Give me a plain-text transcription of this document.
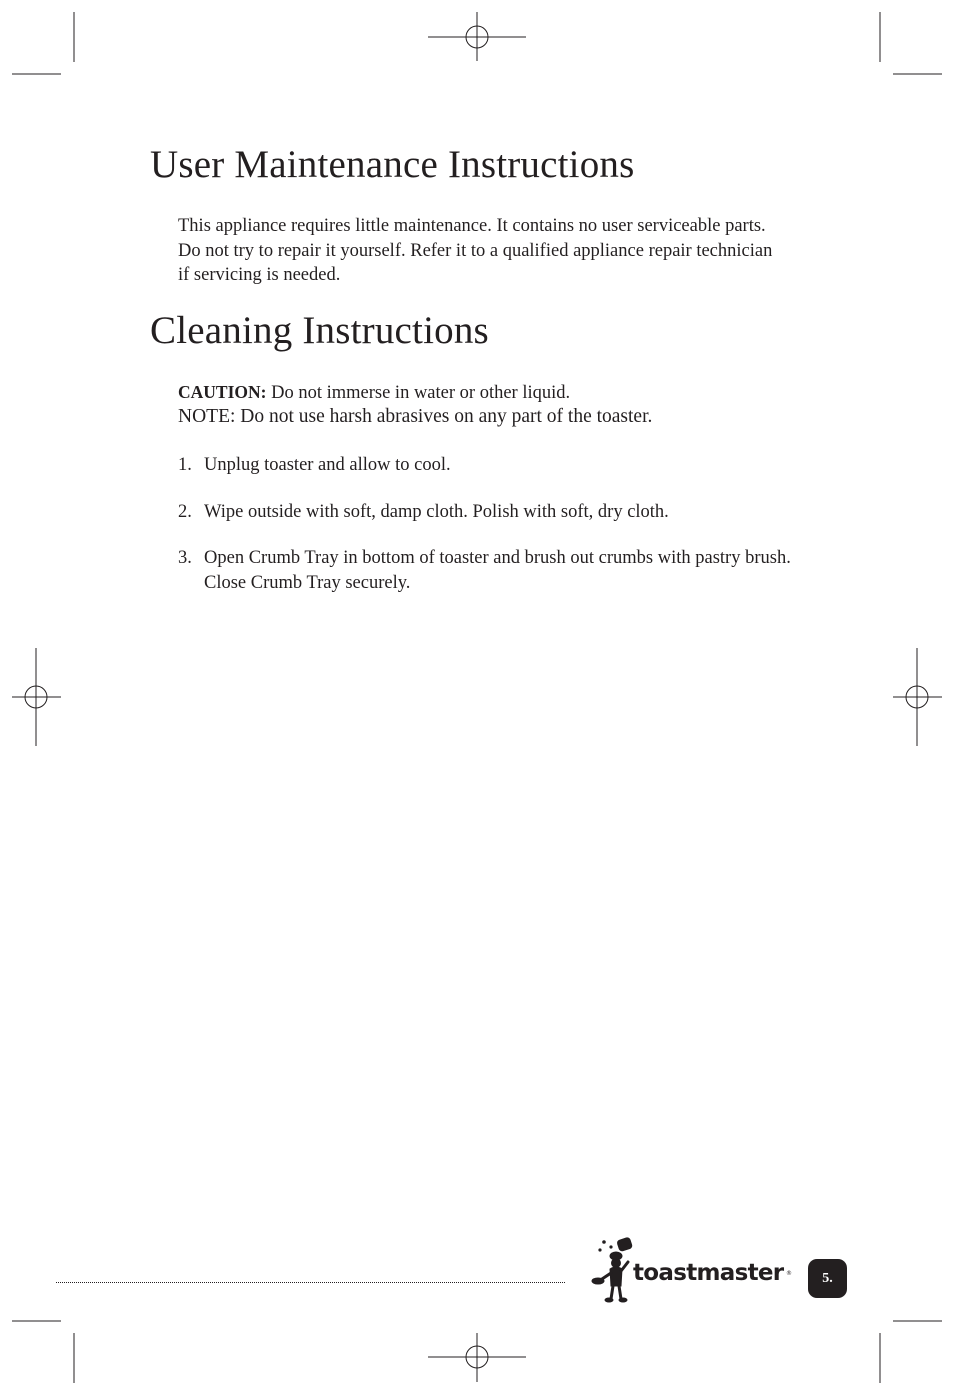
User Maintenance Instructions

This appliance requires little maintenance. It contains no user serviceable parts. Do not try to repair it yourself. Refer it to a qualified appliance repair technician if servicing is needed.

Cleaning Instructions

CAUTION: Do not immerse in water or other liquid.

NOTE: Do not use harsh abrasives on any part of the toaster.

1. Unplug toaster and allow to cool.
2. Wipe outside with soft, damp cloth. Polish with soft, dry cloth.
3. Open Crumb Tray in bottom of toaster and brush out crumbs with pastry brush. Close Crumb Tray securely.
toastmaster ®	5.
